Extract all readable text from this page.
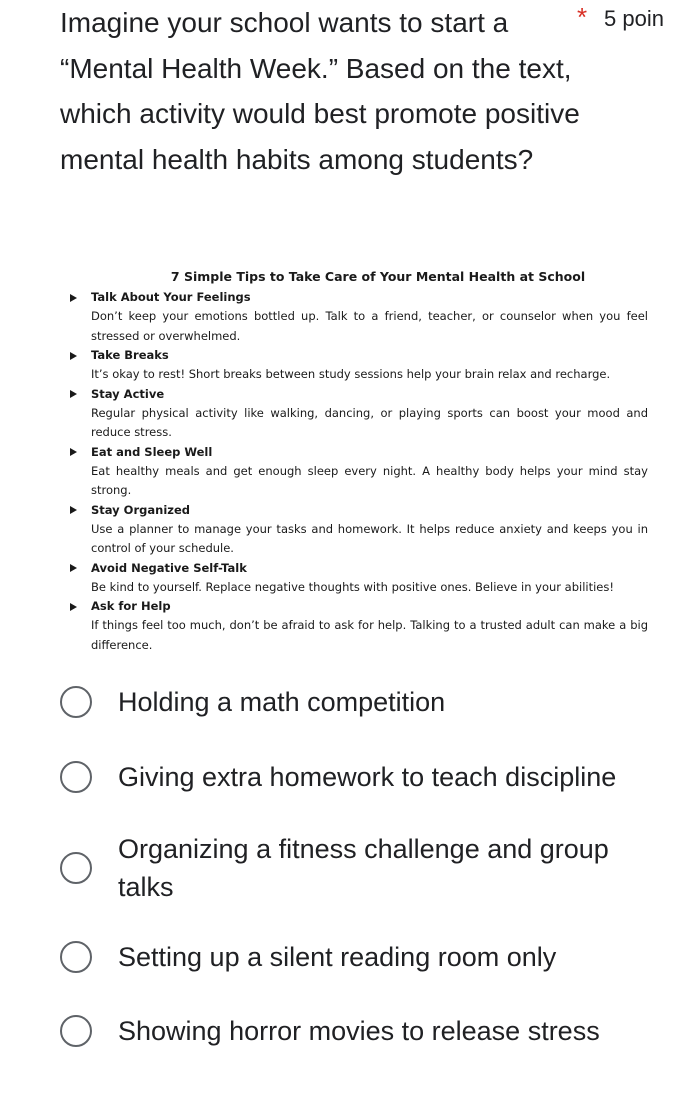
Imagine your school wants to start a “Mental Health Week.” Based on the text, which activity would best promote positive mental health habits among students?
* 5 poin
7 Simple Tips to Take Care of Your Mental Health at School
Talk About Your Feelings
Don’t keep your emotions bottled up. Talk to a friend, teacher, or counselor when you feel stressed or overwhelmed.
Take Breaks
It’s okay to rest! Short breaks between study sessions help your brain relax and recharge.
Stay Active
Regular physical activity like walking, dancing, or playing sports can boost your mood and reduce stress.
Eat and Sleep Well
Eat healthy meals and get enough sleep every night. A healthy body helps your mind stay strong.
Stay Organized
Use a planner to manage your tasks and homework. It helps reduce anxiety and keeps you in control of your schedule.
Avoid Negative Self-Talk
Be kind to yourself. Replace negative thoughts with positive ones. Believe in your abilities!
Ask for Help
If things feel too much, don’t be afraid to ask for help. Talking to a trusted adult can make a big difference.
Holding a math competition
Giving extra homework to teach discipline
Organizing a fitness challenge and group talks
Setting up a silent reading room only
Showing horror movies to release stress
